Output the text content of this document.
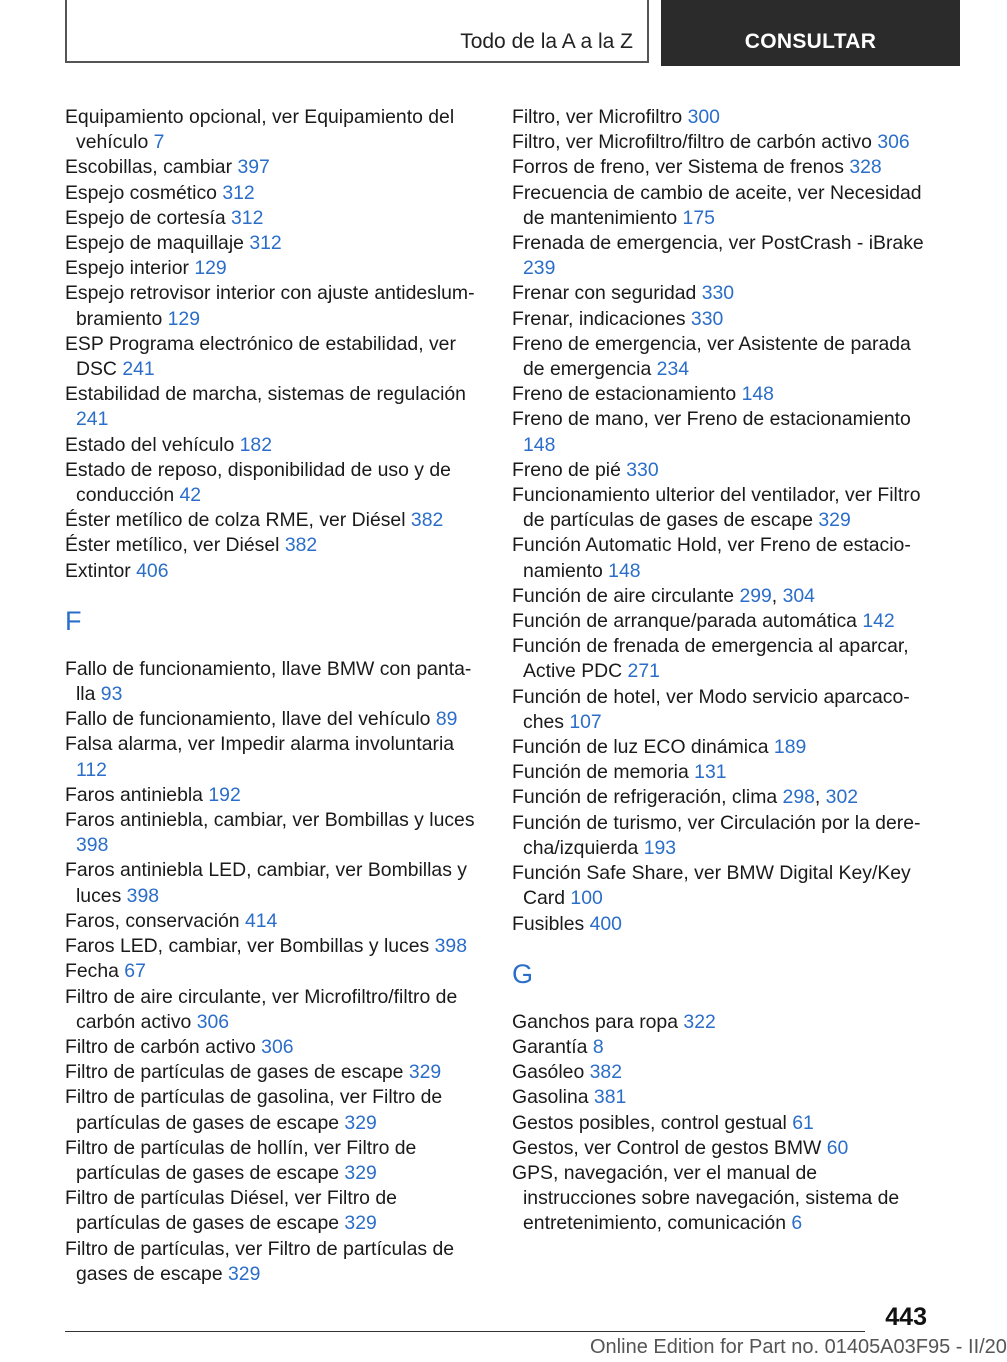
Todo de la A a la Z	CONSULTAR

Equipamiento opcional, ver Equipamiento del vehículo 7

Escobillas, cambiar 397

Espejo cosmético 312

Espejo de cortesía 312

Espejo de maquillaje 312

Espejo interior 129

Espejo retrovisor interior con ajuste antideslumbramiento 129

ESP Programa electrónico de estabilidad, ver DSC 241

Estabilidad de marcha, sistemas de regulación 241

Estado del vehículo 182

Estado de reposo, disponibilidad de uso y de conducción 42

Éster metílico de colza RME, ver Diésel 382

Éster metílico, ver Diésel 382

Extintor 406

F

Fallo de funcionamiento, llave BMW con pantalla 93

Fallo de funcionamiento, llave del vehículo 89

Falsa alarma, ver Impedir alarma involuntaria 112

Faros antiniebla 192

Faros antiniebla, cambiar, ver Bombillas y luces 398

Faros antiniebla LED, cambiar, ver Bombillas y luces 398

Faros, conservación 414

Faros LED, cambiar, ver Bombillas y luces 398

Fecha 67

Filtro de aire circulante, ver Microfiltro/filtro de carbón activo 306

Filtro de carbón activo 306

Filtro de partículas de gases de escape 329

Filtro de partículas de gasolina, ver Filtro de partículas de gases de escape 329

Filtro de partículas de hollín, ver Filtro de partículas de gases de escape 329

Filtro de partículas Diésel, ver Filtro de partículas de gases de escape 329

Filtro de partículas, ver Filtro de partículas de gases de escape 329

Filtro, ver Microfiltro 300

Filtro, ver Microfiltro/filtro de carbón activo 306

Forros de freno, ver Sistema de frenos 328

Frecuencia de cambio de aceite, ver Necesidad de mantenimiento 175

Frenada de emergencia, ver PostCrash - iBrake 239

Frenar con seguridad 330

Frenar, indicaciones 330

Freno de emergencia, ver Asistente de parada de emergencia 234

Freno de estacionamiento 148

Freno de mano, ver Freno de estacionamiento 148

Freno de pié 330

Funcionamiento ulterior del ventilador, ver Filtro de partículas de gases de escape 329

Función Automatic Hold, ver Freno de estacionamiento 148

Función de aire circulante 299, 304

Función de arranque/parada automática 142

Función de frenada de emergencia al aparcar, Active PDC 271

Función de hotel, ver Modo servicio aparcacoches 107

Función de luz ECO dinámica 189

Función de memoria 131

Función de refrigeración, clima 298, 302

Función de turismo, ver Circulación por la derecha/izquierda 193

Función Safe Share, ver BMW Digital Key/Key Card 100

Fusibles 400

G

Ganchos para ropa 322

Garantía 8

Gasóleo 382

Gasolina 381

Gestos posibles, control gestual 61

Gestos, ver Control de gestos BMW 60

GPS, navegación, ver el manual de instrucciones sobre navegación, sistema de entretenimiento, comunicación 6

443
Online Edition for Part no. 01405A03F95 - II/20
